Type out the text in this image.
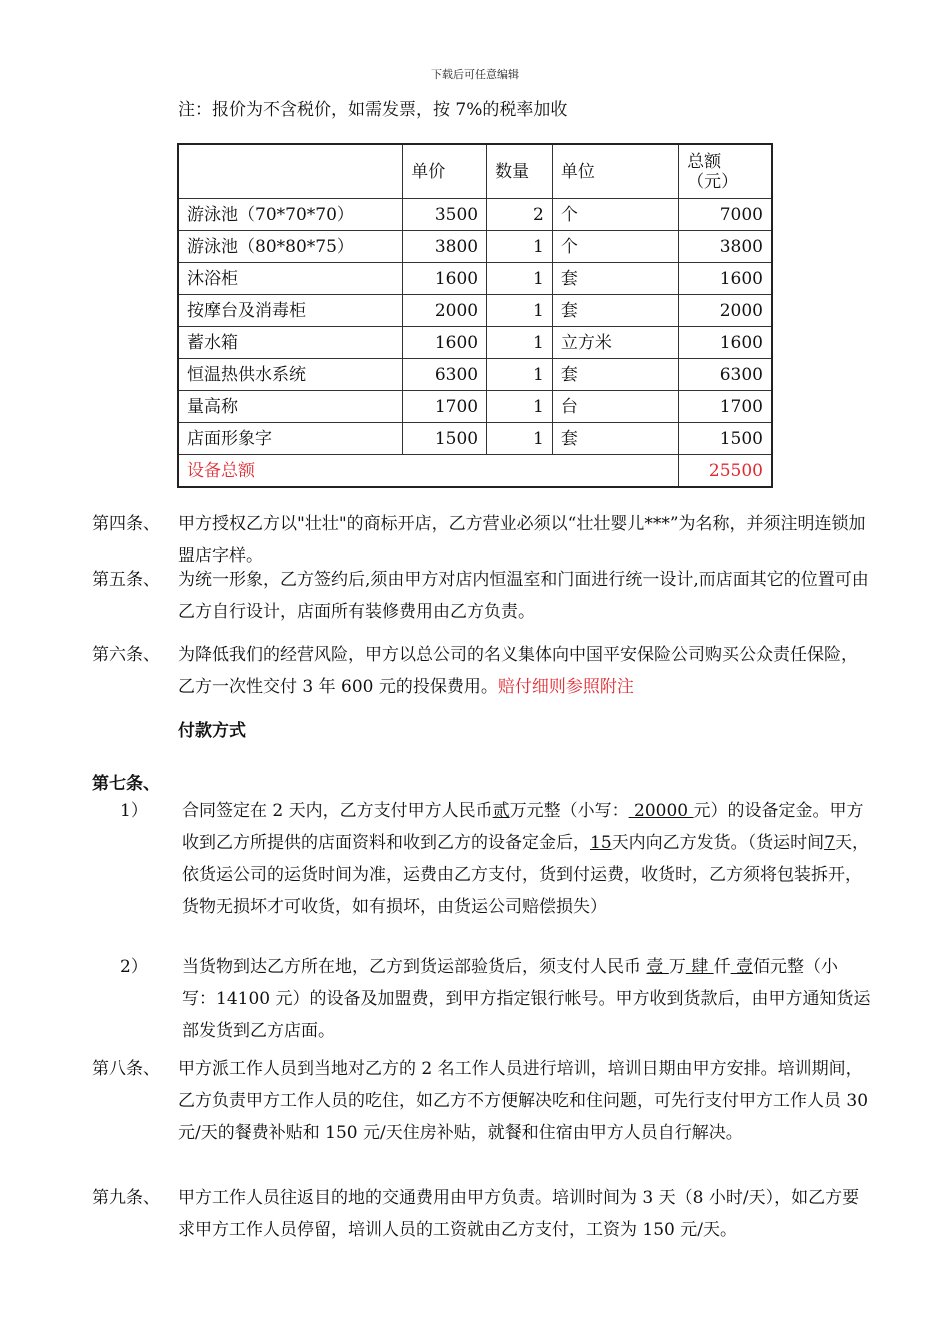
下载后可任意编辑
注：报价为不含税价，如需发票，按 7%的税率加收
	单价	数量	单位	总额（元）
游泳池（70*70*70）	3500	2	个	7000
游泳池（80*80*75）	3800	1	个	3800
沐浴柜	1600	1	套	1600
按摩台及消毒柜	2000	1	套	2000
蓄水箱	1600	1	立方米	1600
恒温热供水系统	6300	1	套	6300
量高称	1700	1	台	1700
店面形象字	1500	1	套	1500
设备总额				25500
第四条、 甲方授权乙方以"壮壮"的商标开店，乙方营业必须以“壮壮婴儿***”为名称，并须注明连锁加盟店字样。
第五条、 为统一形象，乙方签约后,须由甲方对店内恒温室和门面进行统一设计,而店面其它的位置可由乙方自行设计，店面所有装修费用由乙方负责。
第六条、 为降低我们的经营风险，甲方以总公司的名义集体向中国平安保险公司购买公众责任保险，乙方一次性交付 3 年 600 元的投保费用。赔付细则参照附注
付款方式
第七条、
1） 合同签定在 2 天内，乙方支付甲方人民币贰万元整（小写： 20000 元）的设备定金。甲方收到乙方所提供的店面资料和收到乙方的设备定金后，15天内向乙方发货。（货运时间7天，依货运公司的运货时间为准，运费由乙方支付，货到付运费，收货时，乙方须将包装拆开，货物无损坏才可收货，如有损坏，由货运公司赔偿损失）
2） 当货物到达乙方所在地，乙方到货运部验货后，须支付人民币 壹 万 肆 仟 壹佰元整（小写：14100 元）的设备及加盟费，到甲方指定银行帐号。甲方收到货款后，由甲方通知货运部发货到乙方店面。
第八条、 甲方派工作人员到当地对乙方的 2 名工作人员进行培训，培训日期由甲方安排。培训期间，乙方负责甲方工作人员的吃住，如乙方不方便解决吃和住问题，可先行支付甲方工作人员 30 元/天的餐费补贴和 150 元/天住房补贴，就餐和住宿由甲方人员自行解决。
第九条、 甲方工作人员往返目的地的交通费用由甲方负责。培训时间为 3 天（8 小时/天），如乙方要求甲方工作人员停留，培训人员的工资就由乙方支付，工资为 150 元/天。
